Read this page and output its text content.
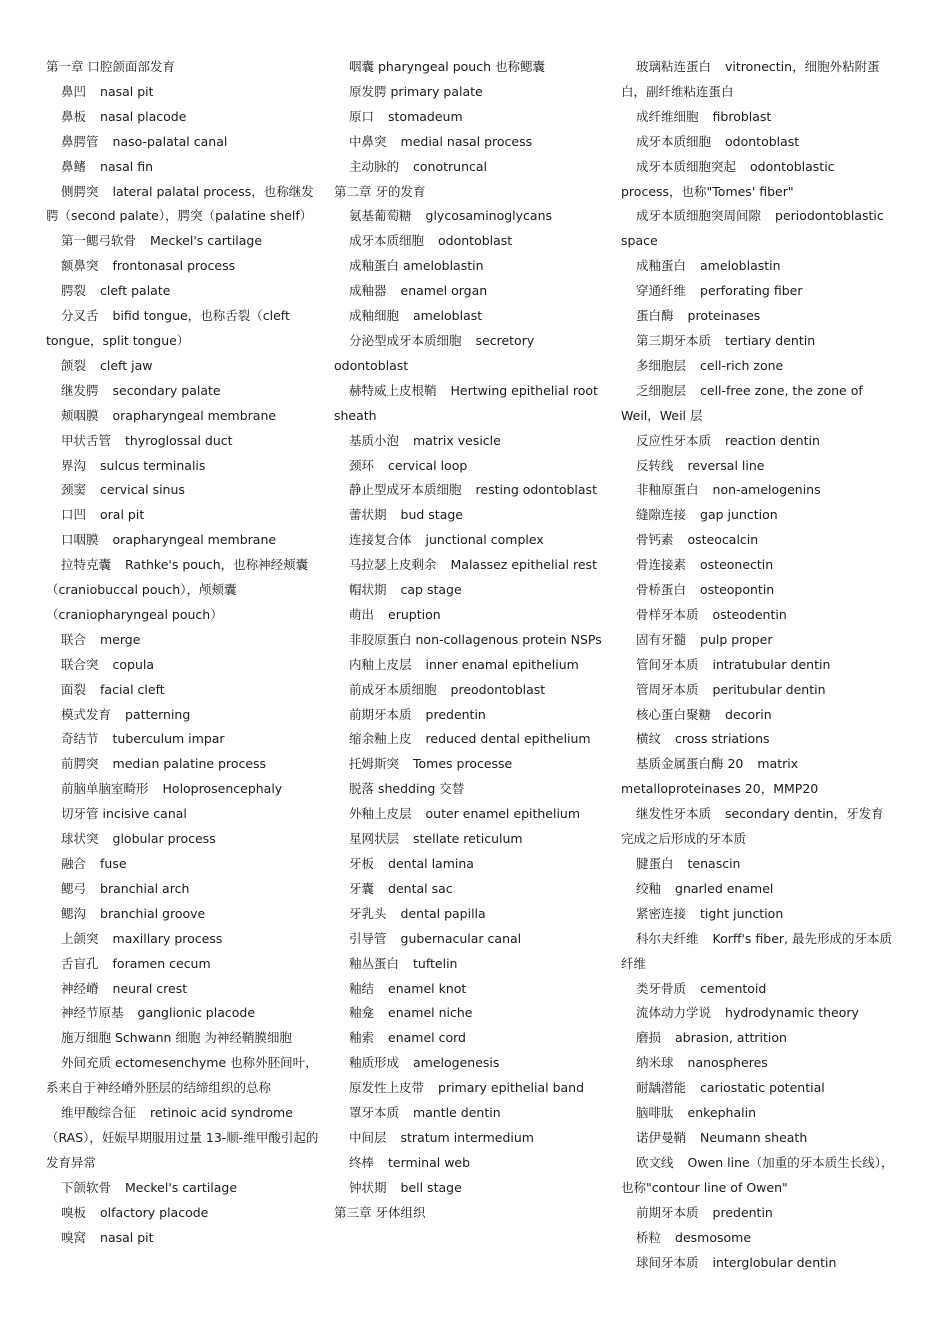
第一章 口腔颌面部发育
鼻凹 nasal pit
鼻板 nasal placode
鼻腭管 naso-palatal canal
鼻鳍 nasal fin
侧腭突 lateral palatal process，也称继发腭（second palate），腭突（palatine shelf）
第一鳃弓软骨 Meckel's cartilage
额鼻突 frontonasal process
腭裂 cleft palate
分叉舌 bifid tongue，也称舌裂（cleft tongue，split tongue）
颌裂 cleft jaw
继发腭 secondary palate
颊咽膜 orapharyngeal membrane
甲状舌管 thyroglossal duct
界沟 sulcus terminalis
颈窦 cervical sinus
口凹 oral pit
口咽膜 orapharyngeal membrane
拉特克囊 Rathke's pouch，也称神经颊囊（craniobuccal pouch），颅颊囊（craniopharyngeal pouch）
联合 merge
联合突 copula
面裂 facial cleft
模式发育 patterning
奇结节 tuberculum impar
前腭突 median palatine process
前脑单脑室畸形 Holoprosencephaly
切牙管 incisive canal
球状突 globular process
融合 fuse
鳃弓 branchial arch
鳃沟 branchial groove
上颌突 maxillary process
舌盲孔 foramen cecum
神经嵴 neural crest
神经节原基 ganglionic placode
施万细胞 Schwann 细胞 为神经鞘膜细胞
外间充质 ectomesenchyme 也称外胚间叶，系来自于神经嵴外胚层的结缔组织的总称
维甲酸综合征 retinoic acid syndrome（RAS），妊娠早期服用过量 13-顺-维甲酸引起的发育异常
下颌软骨 Meckel's cartilage
嗅板 olfactory placode
嗅窝 nasal pit
咽囊 pharyngeal pouch 也称鳃囊
原发腭 primary palate
原口 stomadeum
中鼻突 medial nasal process
主动脉的 conotruncal
第二章 牙的发育
氨基葡萄糖 glycosaminoglycans
成牙本质细胞 odontoblast
成釉蛋白 ameloblastin
成釉器 enamel organ
成釉细胞 ameloblast
分泌型成牙本质细胞 secretory odontoblast
赫特威上皮根鞘 Hertwing epithelial root sheath
基质小泡 matrix vesicle
颈环 cervical loop
静止型成牙本质细胞 resting odontoblast
蕾状期 bud stage
连接复合体 junctional complex
马拉瑟上皮剩余 Malassez epithelial rest
帽状期 cap stage
萌出 eruption
非胶原蛋白 non-collagenous protein NSPs
内釉上皮层 inner enamal epithelium
前成牙本质细胞 preodontoblast
前期牙本质 predentin
缩余釉上皮 reduced dental epithelium
托姆斯突 Tomes processe
脱落 shedding 交替
外釉上皮层 outer enamel epithelium
星网状层 stellate reticulum
牙板 dental lamina
牙囊 dental sac
牙乳头 dental papilla
引导管 gubernacular canal
釉丛蛋白 tuftelin
釉结 enamel knot
釉龛 enamel niche
釉索 enamel cord
釉质形成 amelogenesis
原发性上皮带 primary epithelial band
罩牙本质 mantle dentin
中间层 stratum intermedium
终棒 terminal web
钟状期 bell stage
第三章 牙体组织
玻璃粘连蛋白 vitronectin，细胞外粘附蛋白，副纤维粘连蛋白
成纤维细胞 fibroblast
成牙本质细胞 odontoblast
成牙本质细胞突起 odontoblastic process，也称"Tomes' fiber"
成牙本质细胞突周间隙 periodontoblastic space
成釉蛋白 ameloblastin
穿通纤维 perforating fiber
蛋白酶 proteinases
第三期牙本质 tertiary dentin
多细胞层 cell-rich zone
乏细胞层 cell-free zone, the zone of Weil，Weil 层
反应性牙本质 reaction dentin
反转线 reversal line
非釉原蛋白 non-amelogenins
缝隙连接 gap junction
骨钙素 osteocalcin
骨连接素 osteonectin
骨桥蛋白 osteopontin
骨样牙本质 osteodentin
固有牙髓 pulp proper
管间牙本质 intratubular dentin
管周牙本质 peritubular dentin
核心蛋白聚糖 decorin
横纹 cross striations
基质金属蛋白酶 20 matrix metalloproteinases 20，MMP20
继发性牙本质 secondary dentin，牙发育完成之后形成的牙本质
腱蛋白 tenascin
绞釉 gnarled enamel
紧密连接 tight junction
科尔夫纤维 Korff's fiber, 最先形成的牙本质纤维
类牙骨质 cementoid
流体动力学说 hydrodynamic theory
磨损 abrasion, attrition
纳米球 nanospheres
耐龋潜能 cariostatic potential
脑啡肽 enkephalin
诺伊曼鞘 Neumann sheath
欧文线 Owen line（加重的牙本质生长线），也称"contour line of Owen"
前期牙本质 predentin
桥粒 desmosome
球间牙本质 interglobular dentin
